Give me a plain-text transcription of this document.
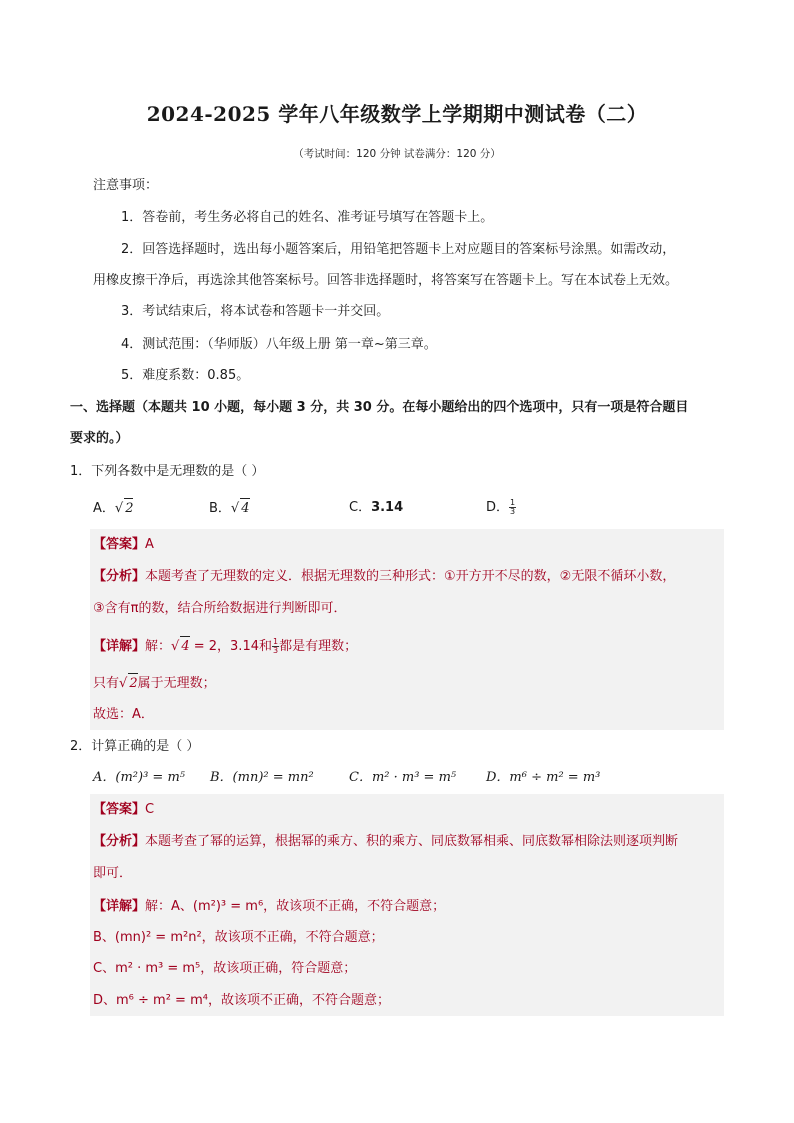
2024-2025 学年八年级数学上学期期中测试卷（二）
（考试时间：120 分钟 试卷满分：120 分）
注意事项：
1．答卷前，考生务必将自己的姓名、准考证号填写在答题卡上。
2．回答选择题时，选出每小题答案后，用铅笔把答题卡上对应题目的答案标号涂黑。如需改动，
用橡皮擦干净后，再选涂其他答案标号。回答非选择题时，将答案写在答题卡上。写在本试卷上无效。
3．考试结束后，将本试卷和答题卡一并交回。
4．测试范围：（华师版）八年级上册 第一章~第三章。
5．难度系数：0.85。
一、选择题（本题共 10 小题，每小题 3 分，共 30 分。在每小题给出的四个选项中，只有一项是符合题目
要求的。）
1．下列各数中是无理数的是（ ）
A．√ 2	B．√ 4	C．3.14	D． $\frac{1}{3}$
【答案】A
【分析】本题考查了无理数的定义．根据无理数的三种形式：①开方开不尽的数，②无限不循环小数，
③含有π的数，结合所给数据进行判断即可．
【详解】解：√ 4 = 2，3.14和 $\frac{1}{3}$ 都是有理数；
只有√ 2属于无理数；
故选：A．
2．计算正确的是（ ）
A．(m²)³ = m⁵ B．(mn)² = mn²	C．m² · m³ = m⁵ D．m⁶ ÷ m² = m³
【答案】C
【分析】本题考查了幂的运算，根据幂的乘方、积的乘方、同底数幂相乘、同底数幂相除法则逐项判断
即可．
【详解】解：A、(m²)³ = m⁶，故该项不正确，不符合题意；
B、(mn)² = m²n²，故该项不正确，不符合题意；
C、m² · m³ = m⁵，故该项正确，符合题意；
D、m⁶ ÷ m² = m⁴，故该项不正确，不符合题意；
